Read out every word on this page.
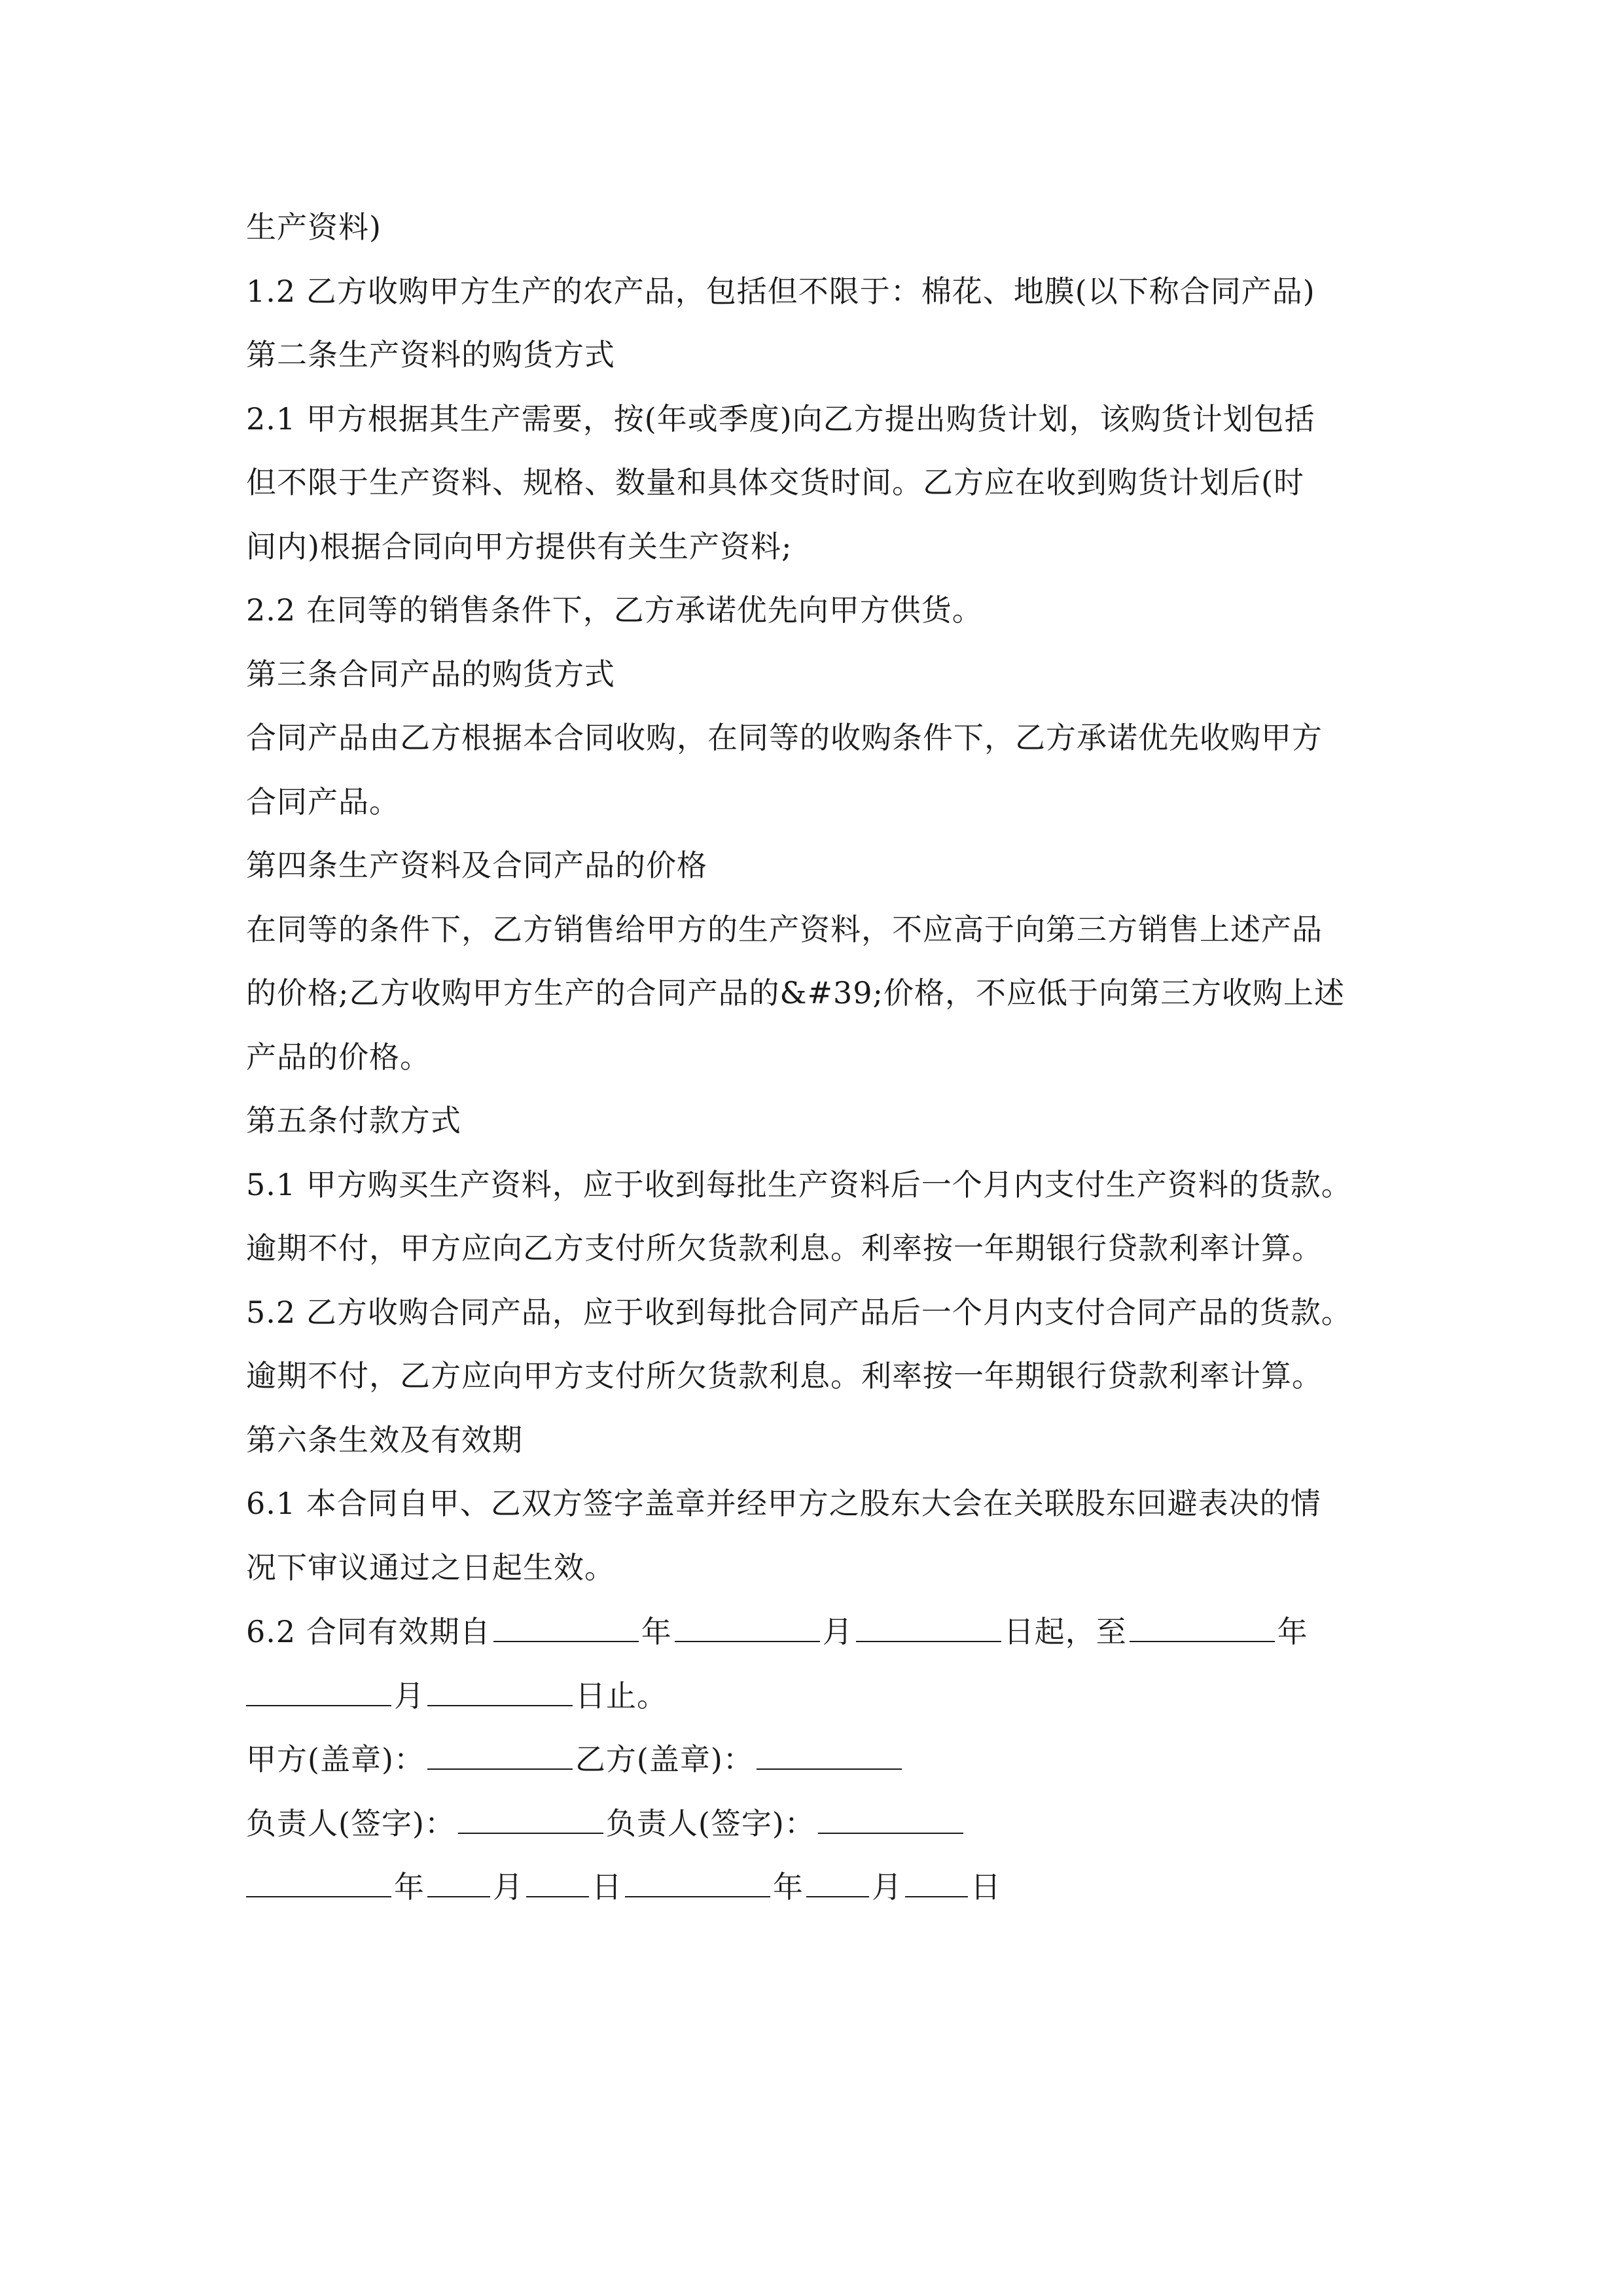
生产资料)
1.2 乙方收购甲方生产的农产品，包括但不限于：棉花、地膜(以下称合同产品)
第二条生产资料的购货方式
2.1 甲方根据其生产需要，按(年或季度)向乙方提出购货计划，该购货计划包括
但不限于生产资料、规格、数量和具体交货时间。乙方应在收到购货计划后(时
间内)根据合同向甲方提供有关生产资料;
2.2 在同等的销售条件下，乙方承诺优先向甲方供货。
第三条合同产品的购货方式
合同产品由乙方根据本合同收购，在同等的收购条件下，乙方承诺优先收购甲方
合同产品。
第四条生产资料及合同产品的价格
在同等的条件下，乙方销售给甲方的生产资料，不应高于向第三方销售上述产品
的价格;乙方收购甲方生产的合同产品的&#39;价格，不应低于向第三方收购上述
产品的价格。
第五条付款方式
5.1 甲方购买生产资料，应于收到每批生产资料后一个月内支付生产资料的货款。
逾期不付，甲方应向乙方支付所欠货款利息。利率按一年期银行贷款利率计算。
5.2 乙方收购合同产品，应于收到每批合同产品后一个月内支付合同产品的货款。
逾期不付，乙方应向甲方支付所欠货款利息。利率按一年期银行贷款利率计算。
第六条生效及有效期
6.1 本合同自甲、乙双方签字盖章并经甲方之股东大会在关联股东回避表决的情
况下审议通过之日起生效。
6.2 合同有效期自	年	月	日起，至	年
月	日止。
甲方(盖章)：	乙方(盖章)：
负责人(签字)：	负责人(签字)：
年 月 日	年 月 日
